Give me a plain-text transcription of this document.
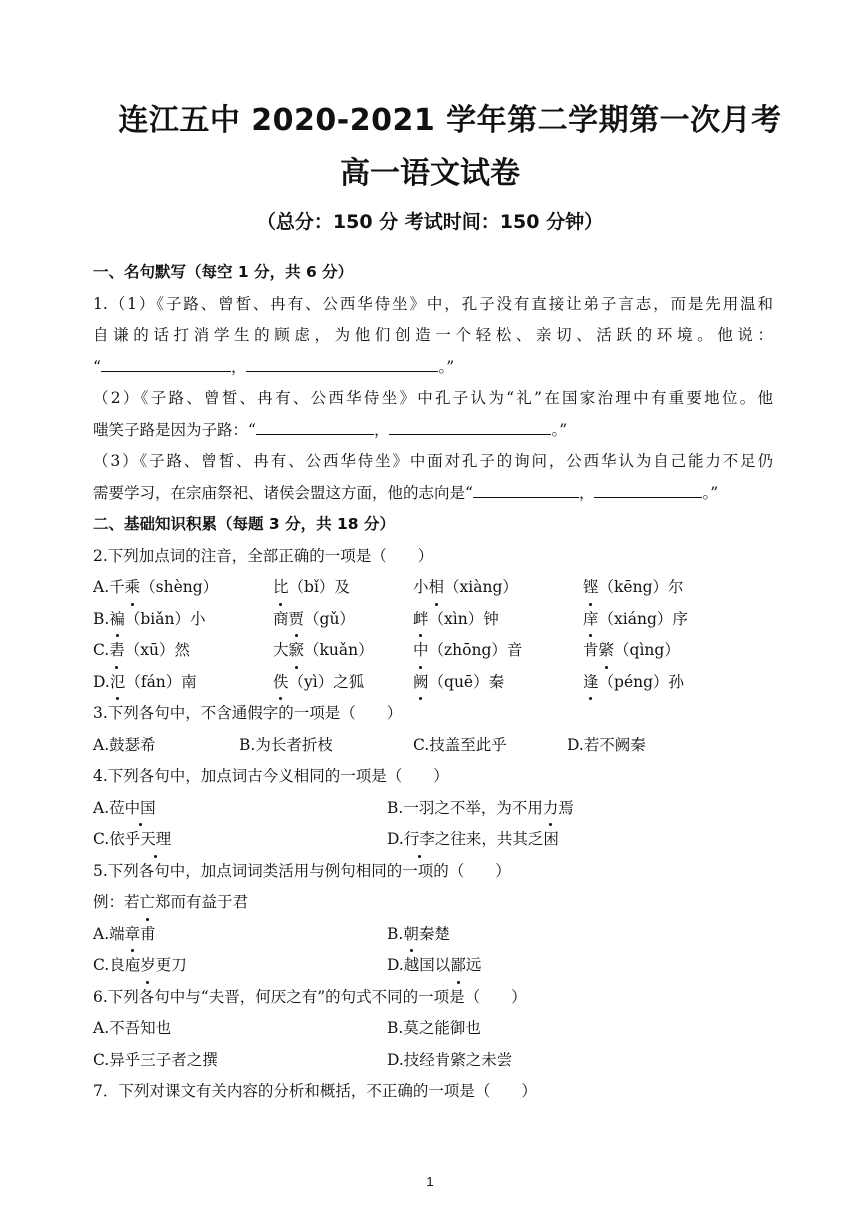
连江五中 2020-2021 学年第二学期第一次月考
高一语文试卷
（总分：150 分 考试时间：150 分钟）
一、名句默写（每空 1 分，共 6 分）
1.（1）《子路、曾皙、冉有、公西华侍坐》中，孔子没有直接让弟子言志，而是先用温和
自谦的话打消学生的顾虑，为他们创造一个轻松、亲切、活跃的环境。他说：
“	，	。”
（2）《子路、曾皙、冉有、公西华侍坐》中孔子认为“礼”在国家治理中有重要地位。他
嗤笑子路是因为子路：“	，	。”
（3）《子路、曾皙、冉有、公西华侍坐》中面对孔子的询问，公西华认为自己能力不足仍
需要学习，在宗庙祭祀、诸侯会盟这方面，他的志向是“	，	。”
二、基础知识积累（每题 3 分，共 18 分）
2.下列加点词的注音，全部正确的一项是（　　）
A.千乘（shèng）	比（bǐ）及	小相（xiàng）	铿（kēng）尔
B.褊（biǎn）小	商贾（gǔ）	衅（xìn）钟	庠（xiáng）序
C.砉（xū）然	大窾（kuǎn）	中（zhōng）音	肯綮（qìng）
D.氾（fán）南	佚（yì）之狐	阙（quē）秦	逢（péng）孙
3.下列各句中，不含通假字的一项是（　　）
A.鼓瑟希	B.为长者折枝	C.技盖至此乎	D.若不阙秦
4.下列各句中，加点词古今义相同的一项是（　　）
A.莅中国	B.一羽之不举，为不用力焉
C.依乎天理	D.行李之往来，共其乏困
5.下列各句中，加点词词类活用与例句相同的一项的（　　）
例：若亡郑而有益于君
A.端章甫	B.朝秦楚
C.良庖岁更刀	D.越国以鄙远
6.下列各句中与“夫晋，何厌之有”的句式不同的一项是（　　）
A.不吾知也	B.莫之能御也
C.异乎三子者之撰	D.技经肯綮之未尝
7．下列对课文有关内容的分析和概括，不正确的一项是（　　）
1
